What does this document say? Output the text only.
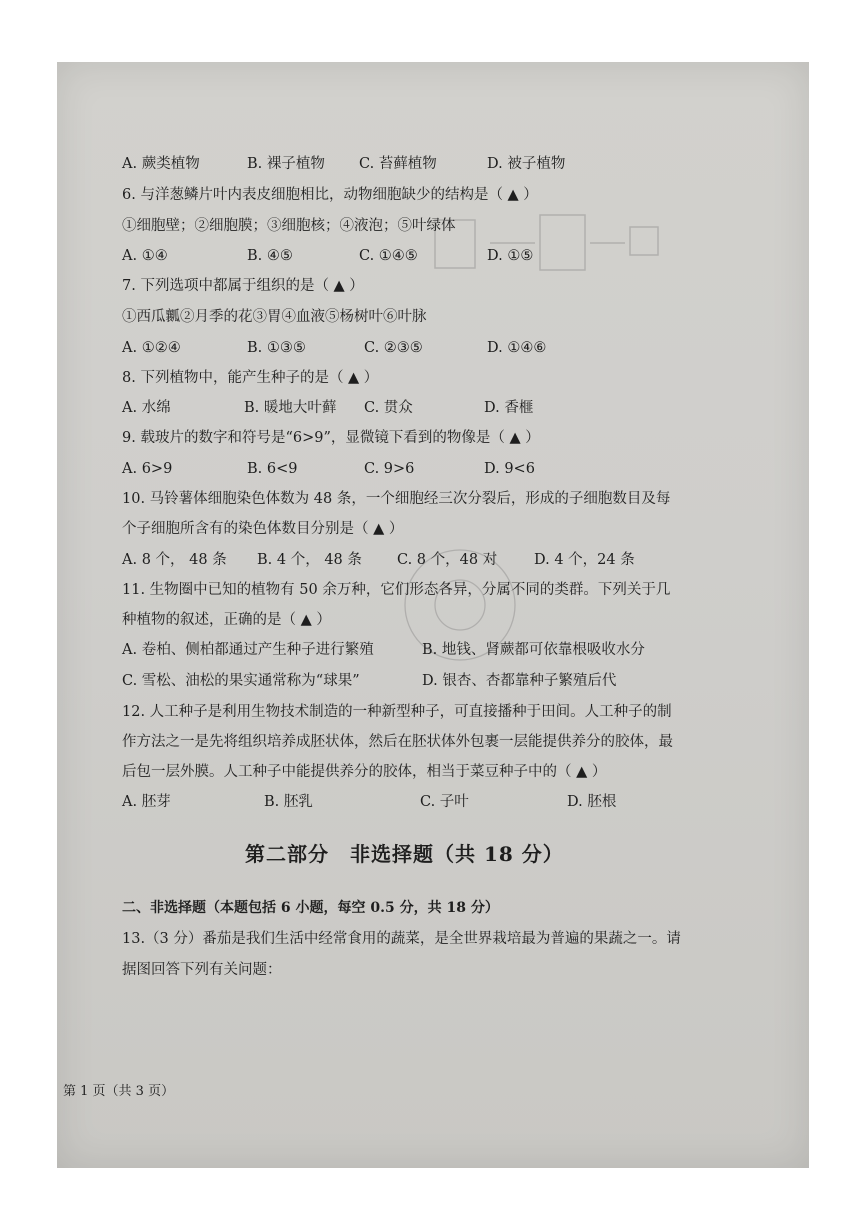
A. 蕨类植物	B. 裸子植物 C. 苔藓植物	D. 被子植物
6. 与洋葱鳞片叶内表皮细胞相比，动物细胞缺少的结构是（ ▲ ）
①细胞壁；②细胞膜；③细胞核；④液泡；⑤叶绿体
A. ①④	B. ④⑤	C. ①④⑤	D. ①⑤
7. 下列选项中都属于组织的是（ ▲ ）
①西瓜瓤②月季的花③胃④血液⑤杨树叶⑥叶脉
A. ①②④	B. ①③⑤	C. ②③⑤	D. ①④⑥
8. 下列植物中，能产生种子的是（ ▲ ）
A. 水绵	B. 暖地大叶藓 C. 贯众	D. 香榧
9. 载玻片的数字和符号是“6>9”，显微镜下看到的物像是（ ▲ ）
A. 6>9	B. 6<9	C. 9>6	D. 9<6
10. 马铃薯体细胞染色体数为 48 条，一个细胞经三次分裂后，形成的子细胞数目及每
个子细胞所含有的染色体数目分别是（ ▲ ）
A. 8 个， 48 条 B. 4 个， 48 条 C. 8 个，48 对	D. 4 个，24 条
11. 生物圈中已知的植物有 50 余万种，它们形态各异，分属不同的类群。下列关于几
种植物的叙述，正确的是（ ▲ ）
A. 卷柏、侧柏都通过产生种子进行繁殖	B. 地钱、肾蕨都可依靠根吸收水分
C. 雪松、油松的果实通常称为“球果”	D. 银杏、杏都靠种子繁殖后代
12. 人工种子是利用生物技术制造的一种新型种子，可直接播种于田间。人工种子的制
作方法之一是先将组织培养成胚状体，然后在胚状体外包裹一层能提供养分的胶体，最
后包一层外膜。人工种子中能提供养分的胶体，相当于菜豆种子中的（ ▲ ）
A. 胚芽	B. 胚乳	C. 子叶	D. 胚根
第二部分　非选择题（共 18 分）
二、非选择题（本题包括 6 小题，每空 0.5 分，共 18 分）
13.（3 分）番茄是我们生活中经常食用的蔬菜，是全世界栽培最为普遍的果蔬之一。请
据图回答下列有关问题：
第 1 页（共 3 页）
